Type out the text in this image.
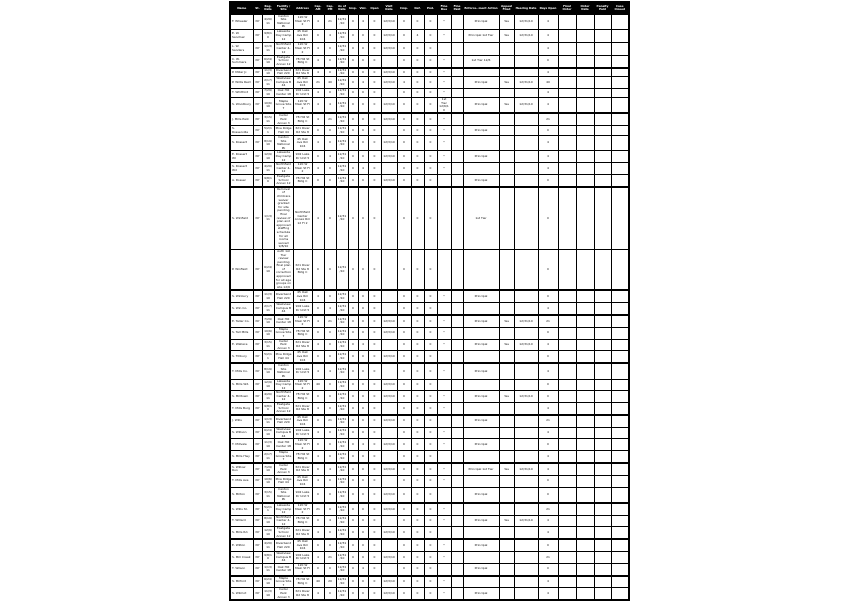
Name	St.	Reg. Date	Facility / Site	Address	Cap. AM	Cap. PM	As of Date	Insp.	Viol.	Open	Visit Date	Cmp.	Def.	Pnd.	Fine Due	Fine Paid	Enforce- ment Action	Appeal Filed	Hearing Date	Days Open	Final Order	Order Date	Penalty Paid	Case Closed
F. Wheeler	NY	4/20/11	Canton Site National Pk	120 W Main St Fl 2	4	21	12/31/10	0	4	0	12/3/10	0	0	0	*		Principal	Yes	12/31/10	4				
E. W. Sanchez	NY	9/8/10	Lakeside Day Camp 12	45 Oak Ave Rm 104	0	4	12/31/10	0	0	0	12/3/10	0	4	0	*		Principal 1st Tier	Yes	12/31/10	4				
L. W. Sanders	NY	1/13/11	Northfield Center 4-12	120 W Main St Fl 2	4	0	12/31/10	0	0	0	12/3/10	0	0	0						4				
C. W. Summers	NY	6/24/10	Eastgate School Annex 12	78 Hill St Bldg C	4	0	12/31/10	0	0	0		0	0	0	*		1st Tier 12/6			0				
P. Miller Jr.	NY	11/3/10	Riverbend Hall 220	321 River Rd Ste 8	4	0	12/31/10	0	0	0	12/3/10	0	0	0	*					4				
P. Willis Reid	NY	2/17/11	Westview Campus B 44	45 Oak Ave Rm 104	21	40	12/31/10	0	4	0	12/3/10	4	0	0	*		Principal	Yes	12/31/10	40				
T. Whitford	NY	7/29/10	Oak Hill Center 18	902 Lake Dr Unit 5	4	0	12/31/10	0	0	0		0	0	0	*					4				
S. Woodbury	NY	10/6/10	Maple Grove Site 7	120 W Main St Fl 2	4	4	12/31/10	0	0	0	12/3/10	0	0	0	1st Tier 12/6/10		Principal	Yes	12/31/10	4				
J. Mills Park	NY	3/15/11	Cedar Park Annex 3	78 Hill St Bldg C	4	21	12/31/10	0	0	0	12/3/10	0	0	0	*					21				
S. Rosserville	NY	5/2/11	Pine Ridge Hall 44	321 River Rd Ste 8	0	0	12/31/10	0	0	0		0	0	0	*		Principal			0				
S. Rossert	NY	8/19/10	Canton Site National Pk	45 Oak Ave Rm 104	4	0	12/31/10	0	0	0	12/3/10	0	0	0	*					4				
E. Rossert Wl	NY	12/9/10	Lakeside Day Camp 12	902 Lake Dr Unit 5	0	4	12/31/10	0	0	0	12/3/10	0	0	0	*		Principal			4				
S. Rossert Wd	NY	4/20/11	Northfield Center 4-12	120 W Main St Fl 2	4	0	12/31/10	0	4	0		0	0	0	*					4				
A. Rosser	NY	9/8/10	Eastgate School Annex 12	78 Hill St Bldg C	0	0	12/31/10	0	0	0	12/3/10	0	0	0			Principal			0				
S. Winfield	NY	1/13/11	Removal of childcare waiver granted for site pending final review of plan and approved staffing schedule for all rooms served 9/8/10	Northfield Center Annex Rm 12 Fl 2	4	0	12/31/10	0	0	0		0	0	0			1st Tier			0				
P. Winfield	NY	6/24/10	Auth 1st Tier review pending final plan of correction approved for all age groups on site 12/6	321 River Rd Ste 8 Bldg C	0	0	12/31/10	0	0	0		0	0	0						0				
S. Winbury	NY	11/3/10	Riverbend Hall 220	45 Oak Ave Rm 104	4	0	12/31/10	0	0	0		0	0	0	*		Principal			0				
S. Win Co.	NY	2/17/11	Westview Campus B 44	902 Lake Dr Unit 5	0	4	12/31/10	0	0	0		0	0	0						4				
E. Teller Co.	NY	7/29/10	Oak Hill Center 18	120 W Main St Fl 2	4	21	12/31/10	0	0	0	12/3/10	0	0	0	*		Principal	Yes	12/31/10	21				
S. Tell Mills	NY	10/6/10	Maple Grove Site 7	78 Hill St Bldg C	0	0	12/31/10	0	0	0	12/3/10	0	0	0	*					0				
E. Wallace	NY	3/15/11	Cedar Park Annex 3	321 River Rd Ste 8	4	0	12/31/10	0	4	0		0	0	0	*		Principal	Yes	12/31/10	4				
S. Tillbury	NY	5/2/11	Pine Ridge Hall 44	45 Oak Ave Rm 104	0	0	12/31/10	0	0	0	12/3/10	0	0	0						0				
T. Mills Co.	NY	8/19/10	Canton Site National Pk	902 Lake Dr Unit 5	4	4	12/31/10	0	0	0		0	0	0	*		Principal			4				
S. Mills Wd.	NY	12/9/10	Lakeside Day Camp 12	120 W Main St Fl 2	40	0	12/31/10	0	0	0	12/3/10	0	0	0						0				
S. Milltown	NY	4/20/11	Northfield Center 4-12	78 Hill St Bldg C	0	0	12/31/10	0	0	0	12/3/10	0	0	0	*		Principal	Yes	12/31/10	0				
T. Mills Burg	NY	9/8/10	Eastgate School Annex 12	321 River Rd Ste 8	4	0	12/31/10	0	0	0		0	0	0	*					4				
J. Wills	NY	1/13/11	Riverbend Hall 220	45 Oak Ave Rm 104	0	21	12/31/10	0	0	0	12/3/10	0	0	0			Principal			21				
S. Willson	NY	6/24/10	Westview Campus B 44	902 Lake Dr Unit 5	4	0	12/31/10	0	0	0		0	0	0	*					4				
T. Millvale	NY	11/3/10	Oak Hill Center 18	120 W Main St Fl 2	0	0	12/31/10	0	4	0	12/3/10	0	0	0	*		Principal			0				
S. Mills Hwy	NY	2/17/11	Maple Grove Site 7	78 Hill St Bldg C	4	0	12/31/10	0	0	0		0	0	0						4				
S. Willow Run	NY	7/29/10	Cedar Park Annex 3	321 River Rd Ste 8	0	4	12/31/10	0	0	0	12/3/10	0	0	0	*		Principal 1st Tier	Yes	12/31/10	4				
T. Mills Ave	NY	10/6/10	Pine Ridge Hall 44	45 Oak Ave Rm 104	4	0	12/31/10	0	0	0		0	0	0	*					0				
S. Milton	NY	3/15/11	Canton Site National Pk	902 Lake Dr Unit 5	0	0	12/31/10	0	0	0	12/3/10	0	0	0			Principal			0				
S. Wills St.	NY	5/2/11	Lakeside Day Camp 12	120 W Main St Fl 2	21	0	12/31/10	0	0	0	12/3/10	0	0	0	*					21				
T. Willard	NY	8/19/10	Northfield Center 4-12	78 Hill St Bldg C	0	4	12/31/10	0	0	0		0	0	0	*		Principal	Yes	12/31/10	4				
S. Mills Rd.	NY	12/9/10	Eastgate School Annex 12	321 River Rd Ste 8	4	0	12/31/10	0	0	0	12/3/10	0	0	0						4				
E. Wilton	NY	4/20/11	Riverbend Hall 220	45 Oak Ave Rm 104	0	0	12/31/10	0	0	0		0	0	0	*		Principal			0				
S. Mill Creek	NY	9/8/10	Westview Campus B 44	902 Lake Dr Unit 5	4	21	12/31/10	0	0	0	12/3/10	0	0	0	*					21				
T. Wilson	NY	1/13/11	Oak Hill Center 18	120 W Main St Fl 2	0	0	12/31/10	0	4	0		0	0	0			Principal			0				
S. Milford	NY	6/24/10	Maple Grove Site 7	78 Hill St Bldg C	40	20	12/31/10	0	0	0	12/3/10	0	0	0	*					4				
S. Wilmot	NY	11/3/10	Cedar Park Annex 3	321 River Rd Ste 8	4	0	12/31/10	0	0	0	12/3/10	0	0	0	*		Principal			4				
